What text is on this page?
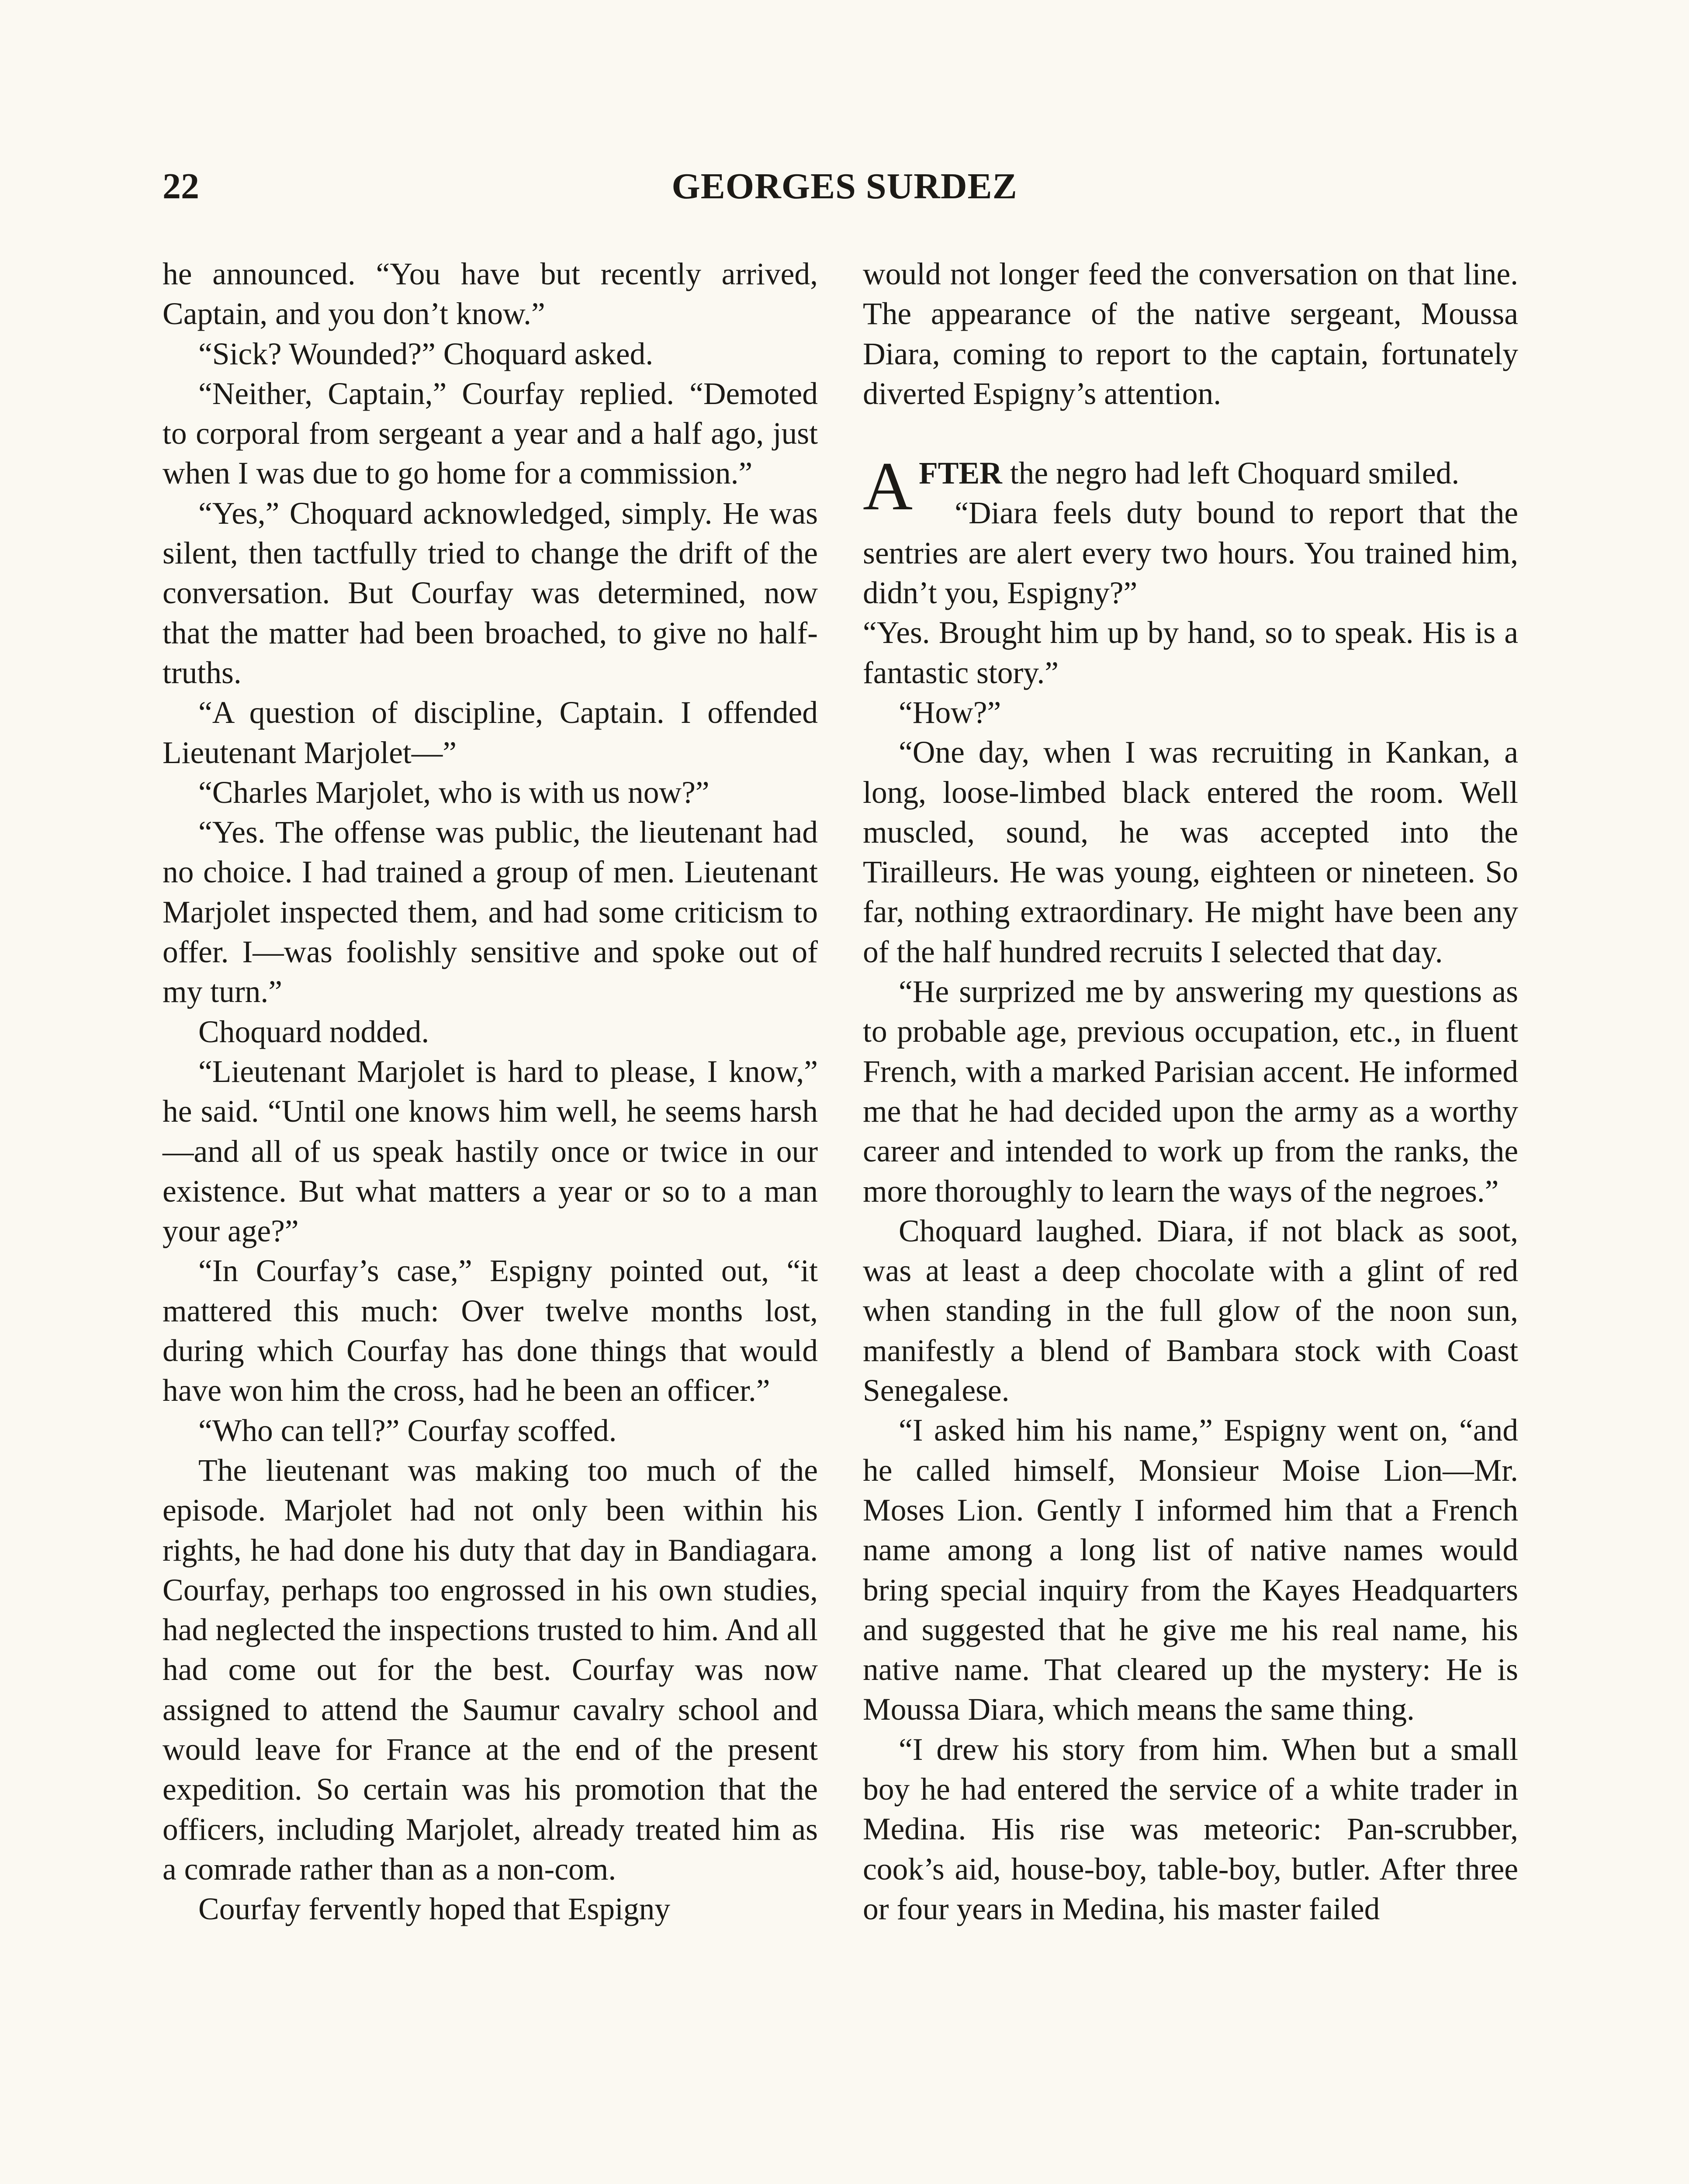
22	GEORGES SURDEZ

he announced. “You have but recently arrived, Captain, and you don’t know.”

“Sick? Wounded?” Choquard asked.

“Neither, Captain,” Courfay replied. “Demoted to corporal from sergeant a year and a half ago, just when I was due to go home for a commission.”

“Yes,” Choquard acknowledged, simply. He was silent, then tactfully tried to change the drift of the conversation. But Courfay was determined, now that the matter had been broached, to give no half-truths.

“A question of discipline, Captain. I offended Lieutenant Marjolet—”

“Charles Marjolet, who is with us now?”

“Yes. The offense was public, the lieutenant had no choice. I had trained a group of men. Lieutenant Marjolet inspected them, and had some criticism to offer. I—was foolishly sensitive and spoke out of my turn.”

Choquard nodded.

“Lieutenant Marjolet is hard to please, I know,” he said. “Until one knows him well, he seems harsh—and all of us speak hastily once or twice in our existence. But what matters a year or so to a man your age?”

“In Courfay’s case,” Espigny pointed out, “it mattered this much: Over twelve months lost, during which Courfay has done things that would have won him the cross, had he been an officer.”

“Who can tell?” Courfay scoffed.

The lieutenant was making too much of the episode. Marjolet had not only been within his rights, he had done his duty that day in Bandiagara. Courfay, perhaps too engrossed in his own studies, had neglected the inspections trusted to him. And all had come out for the best. Courfay was now assigned to attend the Saumur cavalry school and would leave for France at the end of the present expedition. So certain was his promotion that the officers, including Marjolet, already treated him as a comrade rather than as a non-com.

Courfay fervently hoped that Espigny

would not longer feed the conversation on that line. The appearance of the native sergeant, Moussa Diara, coming to report to the captain, fortunately diverted Espigny’s attention.

AFTER the negro had left Choquard smiled.

“Diara feels duty bound to report that the sentries are alert every two hours. You trained him, didn’t you, Espigny?”

“Yes. Brought him up by hand, so to speak. His is a fantastic story.”

“How?”

“One day, when I was recruiting in Kankan, a long, loose-limbed black entered the room. Well muscled, sound, he was accepted into the Tirailleurs. He was young, eighteen or nineteen. So far, nothing extraordinary. He might have been any of the half hundred recruits I selected that day.

“He surprized me by answering my questions as to probable age, previous occupation, etc., in fluent French, with a marked Parisian accent. He informed me that he had decided upon the army as a worthy career and intended to work up from the ranks, the more thoroughly to learn the ways of the negroes.”

Choquard laughed. Diara, if not black as soot, was at least a deep chocolate with a glint of red when standing in the full glow of the noon sun, manifestly a blend of Bambara stock with Coast Senegalese.

“I asked him his name,” Espigny went on, “and he called himself, Monsieur Moise Lion—Mr. Moses Lion. Gently I informed him that a French name among a long list of native names would bring special inquiry from the Kayes Headquarters and suggested that he give me his real name, his native name. That cleared up the mystery: He is Moussa Diara, which means the same thing.

“I drew his story from him. When but a small boy he had entered the service of a white trader in Medina. His rise was meteoric: Pan-scrubber, cook’s aid, house-boy, table-boy, butler. After three or four years in Medina, his master failed
